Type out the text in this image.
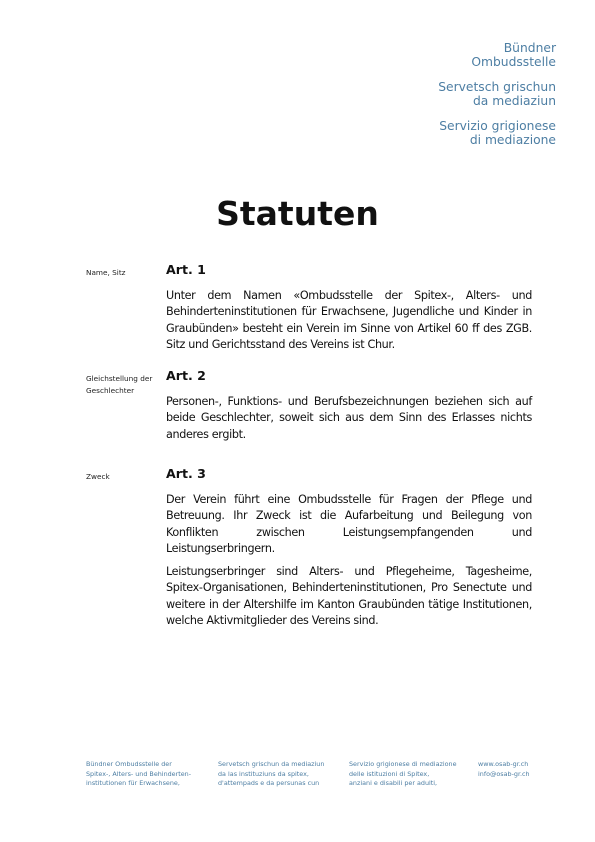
Bündner
Ombudsstelle
Servetsch grischun
da mediaziun
Servizio grigionese
di mediazione
Statuten
Name, Sitz	Art. 1

Unter dem Namen «Ombudsstelle der Spitex-, Alters- und Behinderteninstitutionen für Erwachsene, Jugendliche und Kinder in Graubünden» besteht ein Verein im Sinne von Artikel 60 ff des ZGB. Sitz und Gerichtsstand des Vereins ist Chur.

Gleichstellung der Geschlechter
Art. 2

Personen-, Funktions- und Berufsbezeichnungen beziehen sich auf beide Geschlechter, soweit sich aus dem Sinn des Erlasses nichts anderes ergibt.

Zweck	Art. 3

Der Verein führt eine Ombudsstelle für Fragen der Pflege und Betreuung. Ihr Zweck ist die Aufarbeitung und Beilegung von Konflikten zwischen Leistungsempfangenden und Leistungserbringern.

Leistungserbringer sind Alters- und Pflegeheime, Tagesheime, Spitex-Organisationen, Behinderteninstitutionen, Pro Senectute und weitere in der Altershilfe im Kanton Graubünden tätige Institutionen, welche Aktivmitglieder des Vereins sind.

Bündner Ombudsstelle der
Spitex-, Alters- und Behinderten-
institutionen für Erwachsene,
Servetsch grischun da mediaziun
da las instituziuns da spitex,
d'attempads e da persunas cun
Servizio grigionese di mediazione
delle istituzioni di Spitex,
anziani e disabili per adulti,
www.osab-gr.ch
info@osab-gr.ch
